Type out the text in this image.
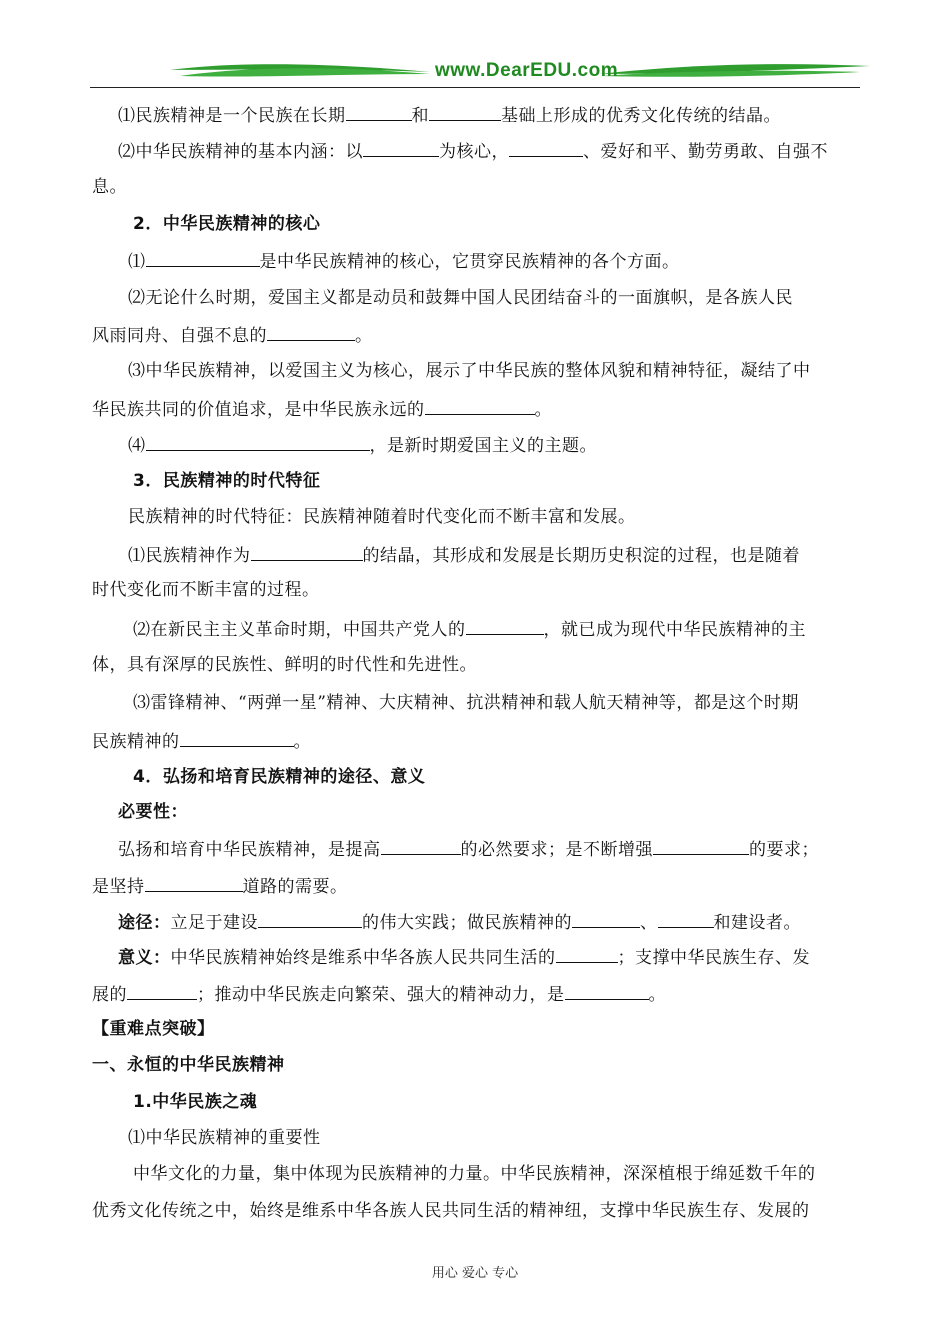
www.DearEDU.com
⑴民族精神是一个民族在长期	和	基础上形成的优秀文化传统的结晶。
⑵中华民族精神的基本内涵：以	为核心，	、爱好和平、勤劳勇敢、自强不
息。
2．中华民族精神的核心
⑴	是中华民族精神的核心，它贯穿民族精神的各个方面。
⑵无论什么时期，爱国主义都是动员和鼓舞中国人民团结奋斗的一面旗帜，是各族人民
风雨同舟、自强不息的	。
⑶中华民族精神，以爱国主义为核心，展示了中华民族的整体风貌和精神特征，凝结了中
华民族共同的价值追求，是中华民族永远的	。
⑷	，是新时期爱国主义的主题。
3．民族精神的时代特征
民族精神的时代特征：民族精神随着时代变化而不断丰富和发展。
⑴民族精神作为	的结晶，其形成和发展是长期历史积淀的过程，也是随着
时代变化而不断丰富的过程。
⑵在新民主主义革命时期，中国共产党人的	，就已成为现代中华民族精神的主
体，具有深厚的民族性、鲜明的时代性和先进性。
⑶雷锋精神、“两弹一星”精神、大庆精神、抗洪精神和载人航天精神等，都是这个时期
民族精神的	。
4．弘扬和培育民族精神的途径、意义
必要性：
弘扬和培育中华民族精神，是提高	的必然要求；是不断增强	的要求；
是坚持	道路的需要。
途径：立足于建设	的伟大实践；做民族精神的	、	和建设者。
意义：中华民族精神始终是维系中华各族人民共同生活的	；支撑中华民族生存、发
展的	；推动中华民族走向繁荣、强大的精神动力，是	。
【重难点突破】
一、永恒的中华民族精神
1.中华民族之魂
⑴中华民族精神的重要性
中华文化的力量，集中体现为民族精神的力量。中华民族精神，深深植根于绵延数千年的
优秀文化传统之中，始终是维系中华各族人民共同生活的精神纽，支撑中华民族生存、发展的
用心 爱心 专心
